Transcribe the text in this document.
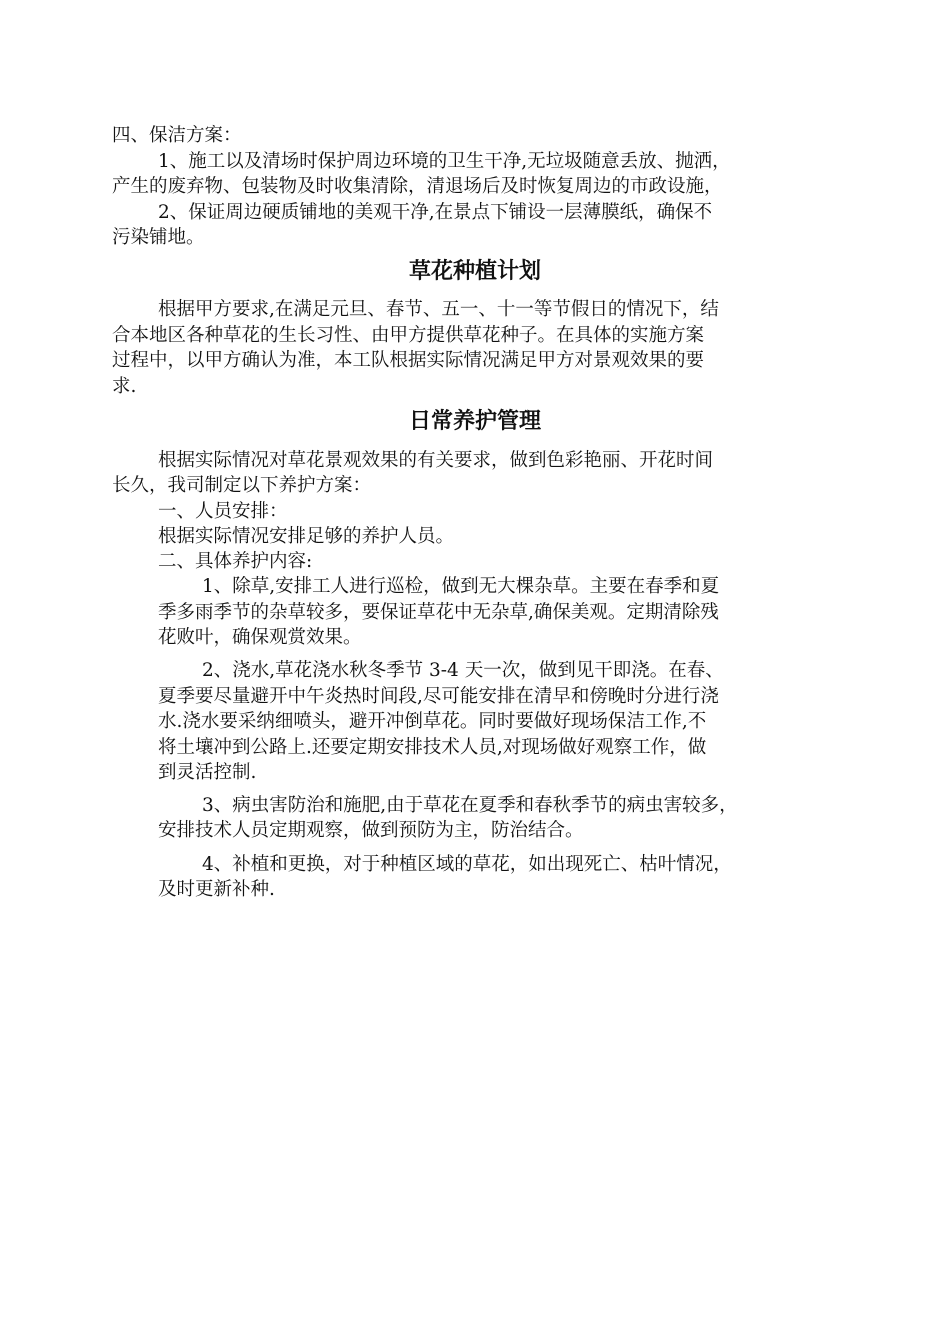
四、保洁方案：
1、施工以及清场时保护周边环境的卫生干净,无垃圾随意丢放、抛洒，
产生的废弃物、包装物及时收集清除，清退场后及时恢复周边的市政设施，
2、保证周边硬质铺地的美观干净,在景点下铺设一层薄膜纸，确保不
污染铺地。
草花种植计划
根据甲方要求,在满足元旦、春节、五一、十一等节假日的情况下，结
合本地区各种草花的生长习性、由甲方提供草花种子。在具体的实施方案
过程中，以甲方确认为准，本工队根据实际情况满足甲方对景观效果的要
求.
日常养护管理
根据实际情况对草花景观效果的有关要求，做到色彩艳丽、开花时间
长久，我司制定以下养护方案：
一、人员安排：
根据实际情况安排足够的养护人员。
二、具体养护内容:
1、除草,安排工人进行巡检，做到无大棵杂草。主要在春季和夏
季多雨季节的杂草较多，要保证草花中无杂草,确保美观。定期清除残
花败叶，确保观赏效果。
2、浇水,草花浇水秋冬季节 3-4 天一次，做到见干即浇。在春、
夏季要尽量避开中午炎热时间段,尽可能安排在清早和傍晚时分进行浇
水.浇水要采纳细喷头，避开冲倒草花。同时要做好现场保洁工作,不
将土壤冲到公路上.还要定期安排技术人员,对现场做好观察工作，做
到灵活控制.
3、病虫害防治和施肥,由于草花在夏季和春秋季节的病虫害较多，
安排技术人员定期观察，做到预防为主，防治结合。
4、补植和更换，对于种植区域的草花，如出现死亡、枯叶情况，
及时更新补种.
